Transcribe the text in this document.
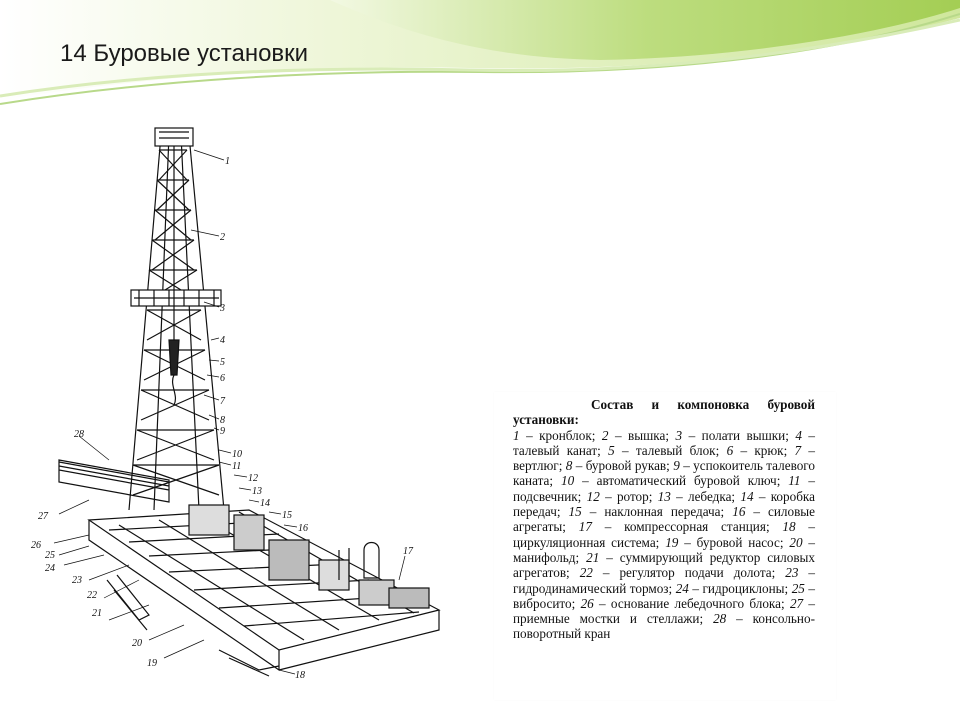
14 Буровые установки
1
2
3
4
5
6
7
8
9
10
11
12
13
14
15
16
17
18
19
20
21
22
23
24
25
26
27
28
Состав и компоновка буровой установки:
1 – кронблок; 2 – вышка; 3 – полати вышки; 4 – талевый канат; 5 – талевый блок; 6 – крюк; 7 – вертлюг; 8 – буровой рукав; 9 – успокоитель талевого каната; 10 – автоматический буровой ключ; 11 – подсвечник; 12 – ротор; 13 – лебедка; 14 – коробка передач; 15 – наклонная передача; 16 – силовые агрегаты; 17 – компрессорная станция; 18 – циркуляционная система; 19 – буровой насос; 20 – манифольд; 21 – суммирующий редуктор силовых агрегатов; 22 – регулятор подачи долота; 23 – гидродинамический тормоз; 24 – гидроциклоны; 25 – вибросито; 26 – основание лебедочного блока; 27 – приемные мостки и стеллажи; 28 – консольно-поворотный кран
